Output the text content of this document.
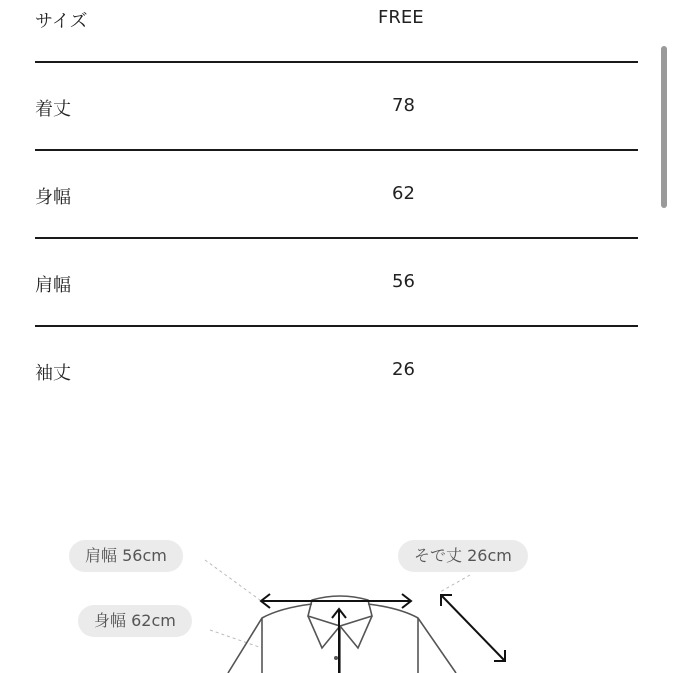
サイズ	FREE
着丈	78
身幅	62
肩幅	56
袖丈	26
肩幅 56cm	そで丈 26cm
身幅 62cm
